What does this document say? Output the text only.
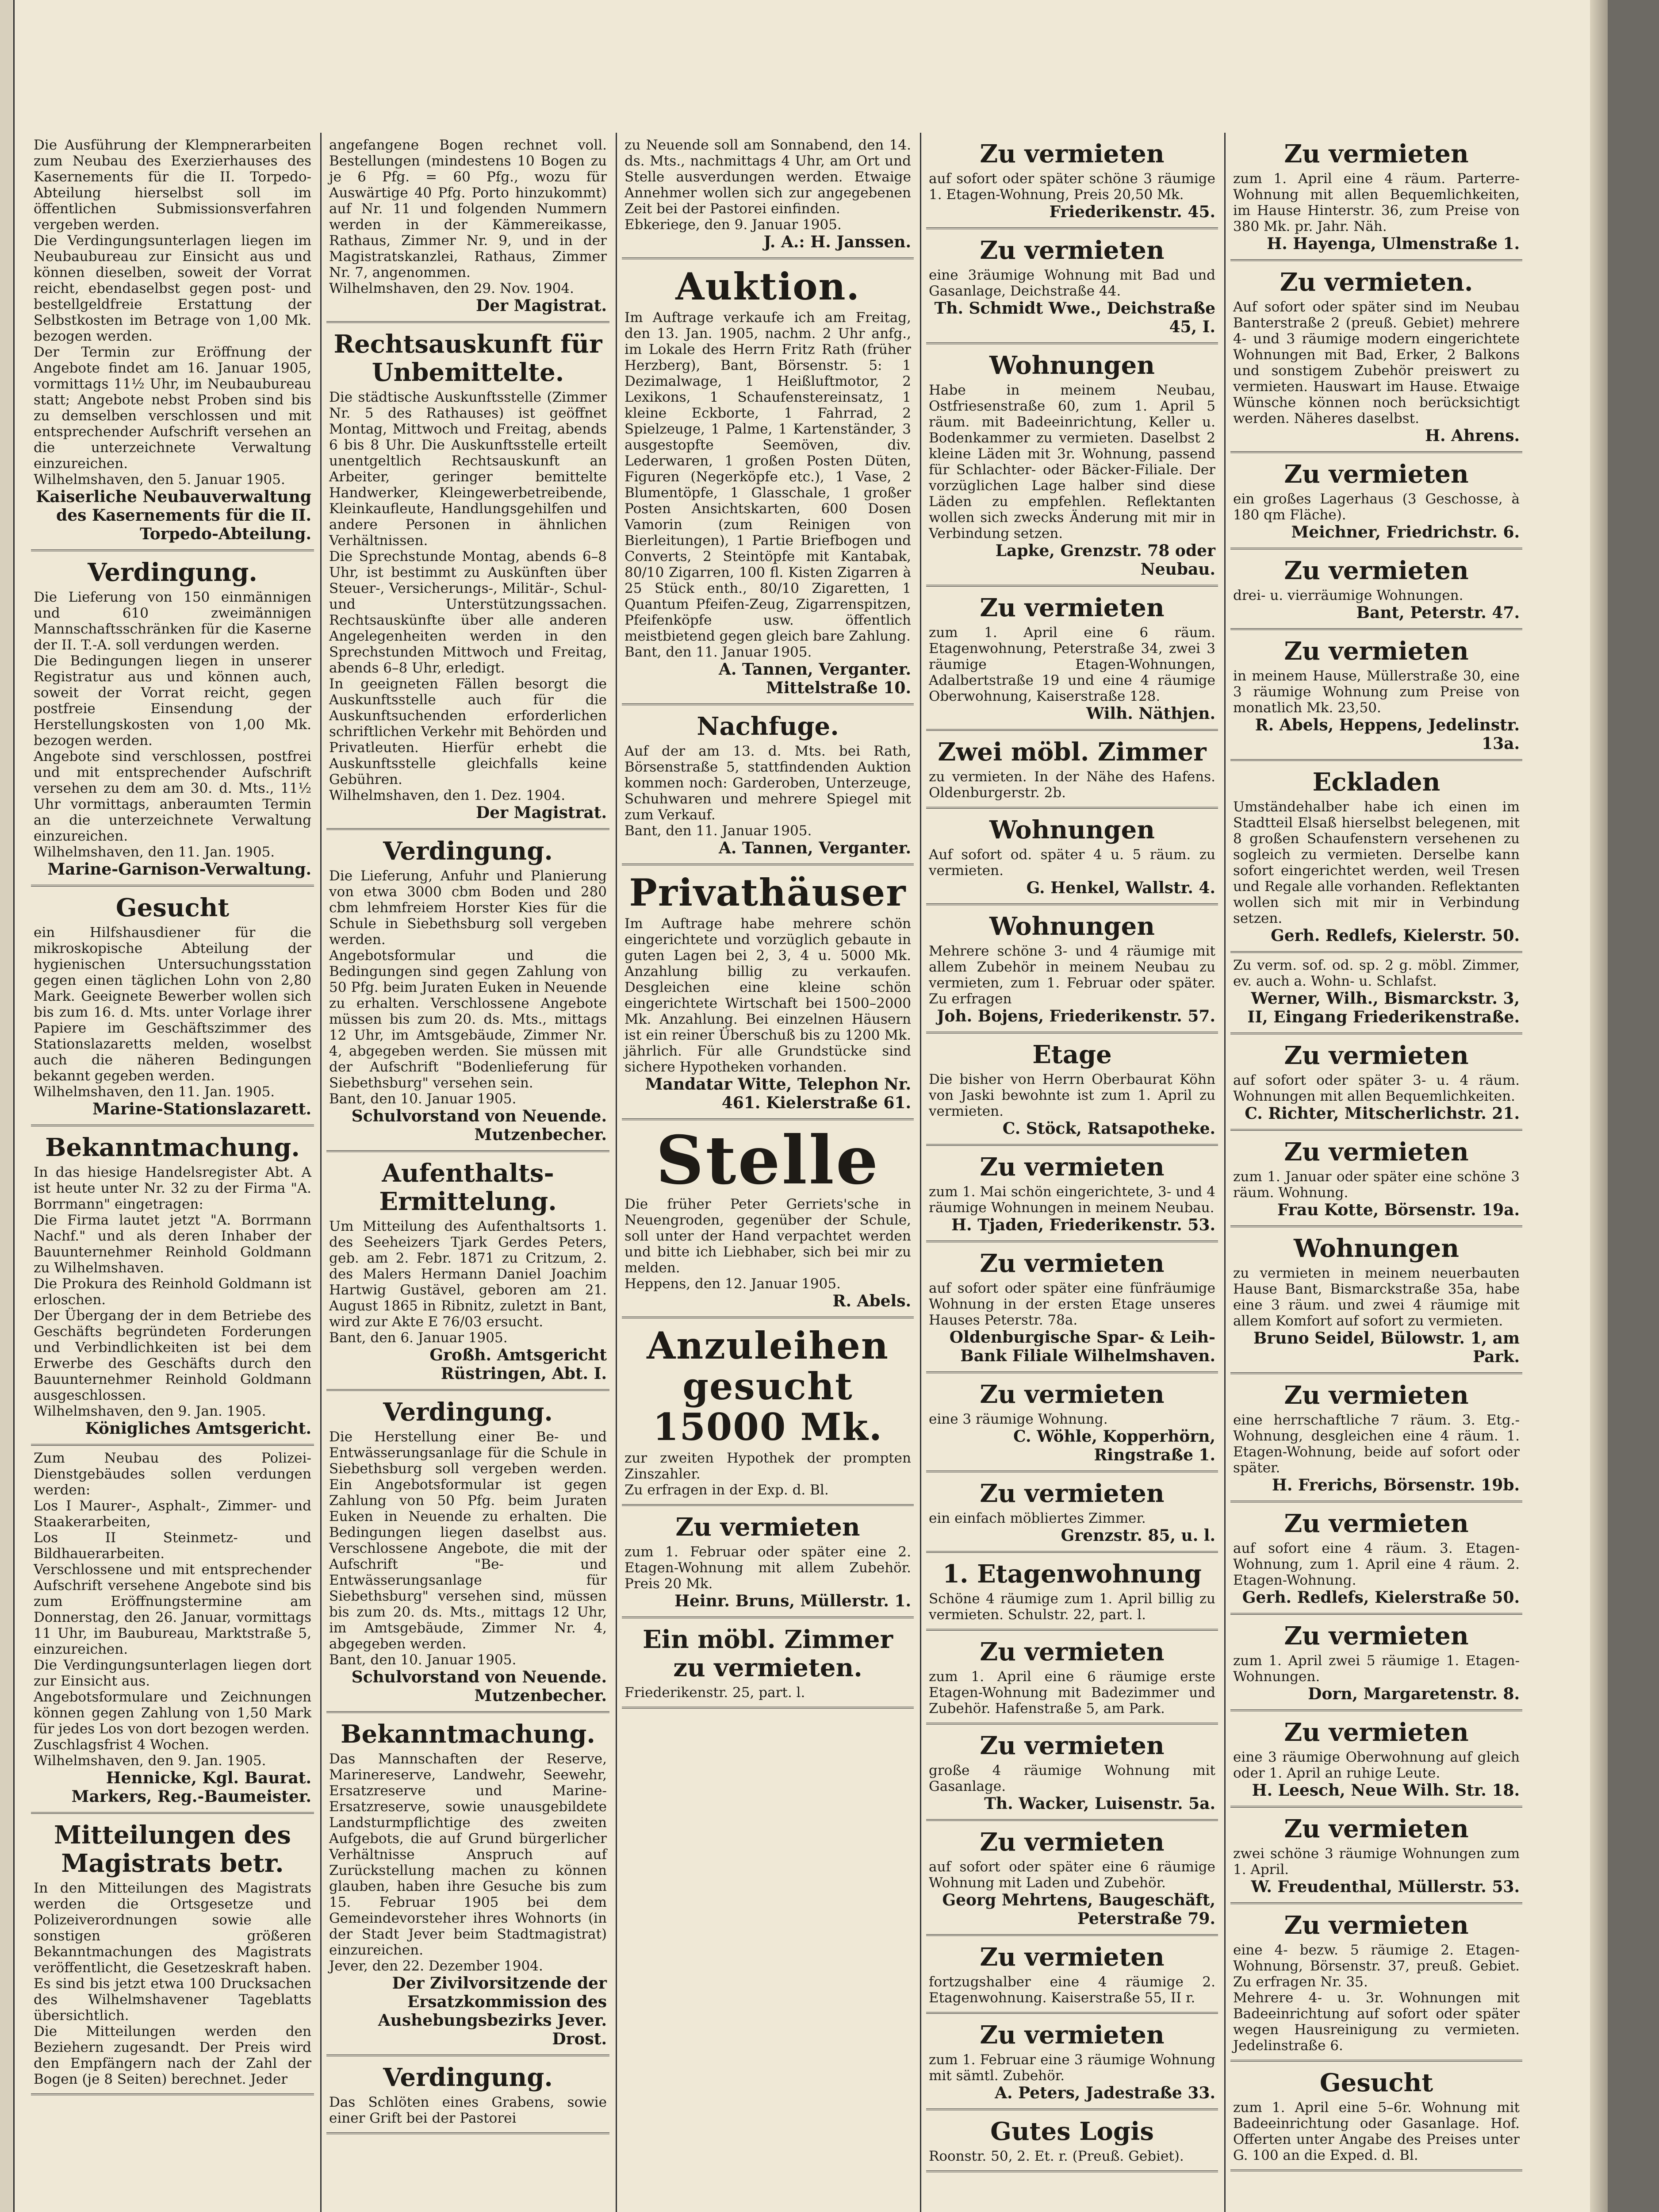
Die Ausführung der Klempnerarbeiten zum Neubau des Exerzierhauses des Kasernements für die II. Torpedo-Abteilung hierselbst soll im öffentlichen Submissionsverfahren vergeben werden.

Die Verdingungsunterlagen liegen im Neubaubureau zur Einsicht aus und können dieselben, soweit der Vorrat reicht, ebendaselbst gegen post- und bestellgeldfreie Erstattung der Selbstkosten im Betrage von 1,00 Mk. bezogen werden.

Der Termin zur Eröffnung der Angebote findet am 16. Januar 1905, vormittags 11½ Uhr, im Neubaubureau statt; Angebote nebst Proben sind bis zu demselben verschlossen und mit entsprechender Aufschrift versehen an die unterzeichnete Verwaltung einzureichen.

Wilhelmshaven, den 5. Januar 1905.

Kaiserliche Neubauverwaltung des Kasernements für die II. Torpedo-Abteilung.
Verdingung.

Die Lieferung von 150 einmännigen und 610 zweimännigen Mannschaftsschränken für die Kaserne der II. T.-A. soll verdungen werden.

Die Bedingungen liegen in unserer Registratur aus und können auch, soweit der Vorrat reicht, gegen postfreie Einsendung der Herstellungskosten von 1,00 Mk. bezogen werden.

Angebote sind verschlossen, postfrei und mit entsprechender Aufschrift versehen zu dem am 30. d. Mts., 11½ Uhr vormittags, anberaumten Termin an die unterzeichnete Verwaltung einzureichen.

Wilhelmshaven, den 11. Jan. 1905.

Marine-Garnison-Verwaltung.
Gesucht

ein Hilfshausdiener für die mikroskopische Abteilung der hygienischen Untersuchungsstation gegen einen täglichen Lohn von 2,80 Mark. Geeignete Bewerber wollen sich bis zum 16. d. Mts. unter Vorlage ihrer Papiere im Geschäftszimmer des Stationslazaretts melden, woselbst auch die näheren Bedingungen bekannt gegeben werden.

Wilhelmshaven, den 11. Jan. 1905.

Marine-Stationslazarett.
Bekanntmachung.

In das hiesige Handelsregister Abt. A ist heute unter Nr. 32 zu der Firma "A. Borrmann" eingetragen:

Die Firma lautet jetzt "A. Borrmann Nachf." und als deren Inhaber der Bauunternehmer Reinhold Goldmann zu Wilhelmshaven.

Die Prokura des Reinhold Goldmann ist erloschen.

Der Übergang der in dem Betriebe des Geschäfts begründeten Forderungen und Verbindlichkeiten ist bei dem Erwerbe des Geschäfts durch den Bauunternehmer Reinhold Goldmann ausgeschlossen.

Wilhelmshaven, den 9. Jan. 1905.

Königliches Amtsgericht.

Zum Neubau des Polizei-Dienstgebäudes sollen verdungen werden:

Los I Maurer-, Asphalt-, Zimmer- und Staakerarbeiten,

Los II Steinmetz- und Bildhauerarbeiten.

Verschlossene und mit entsprechender Aufschrift versehene Angebote sind bis zum Eröffnungstermine am Donnerstag, den 26. Januar, vormittags 11 Uhr, im Baubureau, Marktstraße 5, einzureichen.

Die Verdingungsunterlagen liegen dort zur Einsicht aus.

Angebotsformulare und Zeichnungen können gegen Zahlung von 1,50 Mark für jedes Los von dort bezogen werden.

Zuschlagsfrist 4 Wochen.

Wilhelmshaven, den 9. Jan. 1905.

Hennicke, Kgl. Baurat. Markers, Reg.-Baumeister.
Mitteilungen des Magistrats betr.

In den Mitteilungen des Magistrats werden die Ortsgesetze und Polizeiverordnungen sowie alle sonstigen größeren Bekanntmachungen des Magistrats veröffentlicht, die Gesetzeskraft haben. Es sind bis jetzt etwa 100 Drucksachen des Wilhelmshavener Tageblatts übersichtlich.

Die Mitteilungen werden den Beziehern zugesandt. Der Preis wird den Empfängern nach der Zahl der Bogen (je 8 Seiten) berechnet. Jeder

angefangene Bogen rechnet voll. Bestellungen (mindestens 10 Bogen zu je 6 Pfg. = 60 Pfg., wozu für Auswärtige 40 Pfg. Porto hinzukommt) auf Nr. 11 und folgenden Nummern werden in der Kämmereikasse, Rathaus, Zimmer Nr. 9, und in der Magistratskanzlei, Rathaus, Zimmer Nr. 7, angenommen.

Wilhelmshaven, den 29. Nov. 1904.

Der Magistrat.
Rechtsauskunft für Unbemittelte.

Die städtische Auskunftsstelle (Zimmer Nr. 5 des Rathauses) ist geöffnet Montag, Mittwoch und Freitag, abends 6 bis 8 Uhr. Die Auskunftsstelle erteilt unentgeltlich Rechtsauskunft an Arbeiter, geringer bemittelte Handwerker, Kleingewerbetreibende, Kleinkaufleute, Handlungsgehilfen und andere Personen in ähnlichen Verhältnissen.

Die Sprechstunde Montag, abends 6–8 Uhr, ist bestimmt zu Auskünften über Steuer-, Versicherungs-, Militär-, Schul- und Unterstützungssachen. Rechtsauskünfte über alle anderen Angelegenheiten werden in den Sprechstunden Mittwoch und Freitag, abends 6–8 Uhr, erledigt.

In geeigneten Fällen besorgt die Auskunftsstelle auch für die Auskunftsuchenden erforderlichen schriftlichen Verkehr mit Behörden und Privatleuten. Hierfür erhebt die Auskunftsstelle gleichfalls keine Gebühren.

Wilhelmshaven, den 1. Dez. 1904.

Der Magistrat.
Verdingung.

Die Lieferung, Anfuhr und Planierung von etwa 3000 cbm Boden und 280 cbm lehmfreiem Horster Kies für die Schule in Siebethsburg soll vergeben werden.

Angebotsformular und die Bedingungen sind gegen Zahlung von 50 Pfg. beim Juraten Euken in Neuende zu erhalten. Verschlossene Angebote müssen bis zum 20. ds. Mts., mittags 12 Uhr, im Amtsgebäude, Zimmer Nr. 4, abgegeben werden. Sie müssen mit der Aufschrift "Bodenlieferung für Siebethsburg" versehen sein.

Bant, den 10. Januar 1905.

Schulvorstand von Neuende. Mutzenbecher.
Aufenthalts-Ermittelung.

Um Mitteilung des Aufenthaltsorts 1. des Seeheizers Tjark Gerdes Peters, geb. am 2. Febr. 1871 zu Critzum, 2. des Malers Hermann Daniel Joachim Hartwig Gustävel, geboren am 21. August 1865 in Ribnitz, zuletzt in Bant, wird zur Akte E 76/03 ersucht.

Bant, den 6. Januar 1905.

Großh. Amtsgericht Rüstringen, Abt. I.
Verdingung.

Die Herstellung einer Be- und Entwässerungsanlage für die Schule in Siebethsburg soll vergeben werden. Ein Angebotsformular ist gegen Zahlung von 50 Pfg. beim Juraten Euken in Neuende zu erhalten. Die Bedingungen liegen daselbst aus. Verschlossene Angebote, die mit der Aufschrift "Be- und Entwässerungsanlage für Siebethsburg" versehen sind, müssen bis zum 20. ds. Mts., mittags 12 Uhr, im Amtsgebäude, Zimmer Nr. 4, abgegeben werden.

Bant, den 10. Januar 1905.

Schulvorstand von Neuende. Mutzenbecher.
Bekanntmachung.

Das Mannschaften der Reserve, Marinereserve, Landwehr, Seewehr, Ersatzreserve und Marine-Ersatzreserve, sowie unausgebildete Landsturmpflichtige des zweiten Aufgebots, die auf Grund bürgerlicher Verhältnisse Anspruch auf Zurückstellung machen zu können glauben, haben ihre Gesuche bis zum 15. Februar 1905 bei dem Gemeindevorsteher ihres Wohnorts (in der Stadt Jever beim Stadtmagistrat) einzureichen.

Jever, den 22. Dezember 1904.

Der Zivilvorsitzende der Ersatzkommission des Aushebungsbezirks Jever. Drost.
Verdingung.

Das Schlöten eines Grabens, sowie einer Grift bei der Pastorei

zu Neuende soll am Sonnabend, den 14. ds. Mts., nachmittags 4 Uhr, am Ort und Stelle ausverdungen werden. Etwaige Annehmer wollen sich zur angegebenen Zeit bei der Pastorei einfinden.

Ebkeriege, den 9. Januar 1905.

J. A.: H. Janssen.
Auktion.

Im Auftrage verkaufe ich am Freitag, den 13. Jan. 1905, nachm. 2 Uhr anfg., im Lokale des Herrn Fritz Rath (früher Herzberg), Bant, Börsenstr. 5: 1 Dezimalwage, 1 Heißluftmotor, 2 Lexikons, 1 Schaufenstereinsatz, 1 kleine Eckborte, 1 Fahrrad, 2 Spielzeuge, 1 Palme, 1 Kartenständer, 3 ausgestopfte Seemöven, div. Lederwaren, 1 großen Posten Düten, Figuren (Negerköpfe etc.), 1 Vase, 2 Blumentöpfe, 1 Glasschale, 1 großer Posten Ansichtskarten, 600 Dosen Vamorin (zum Reinigen von Bierleitungen), 1 Partie Briefbogen und Converts, 2 Steintöpfe mit Kantabak, 80/10 Zigarren, 100 fl. Kisten Zigarren à 25 Stück enth., 80/10 Zigaretten, 1 Quantum Pfeifen-Zeug, Zigarrenspitzen, Pfeifenköpfe usw. öffentlich meistbietend gegen gleich bare Zahlung.

Bant, den 11. Januar 1905.

A. Tannen, Verganter. Mittelstraße 10.
Nachfuge.

Auf der am 13. d. Mts. bei Rath, Börsenstraße 5, stattfindenden Auktion kommen noch: Garderoben, Unterzeuge, Schuhwaren und mehrere Spiegel mit zum Verkauf.

Bant, den 11. Januar 1905.

A. Tannen, Verganter.
Privathäuser

Im Auftrage habe mehrere schön eingerichtete und vorzüglich gebaute in guten Lagen bei 2, 3, 4 u. 5000 Mk. Anzahlung billig zu verkaufen. Desgleichen eine kleine schön eingerichtete Wirtschaft bei 1500–2000 Mk. Anzahlung. Bei einzelnen Häusern ist ein reiner Überschuß bis zu 1200 Mk. jährlich. Für alle Grundstücke sind sichere Hypotheken vorhanden.

Mandatar Witte, Telephon Nr. 461. Kielerstraße 61.
Stelle

Die früher Peter Gerriets'sche in Neuengroden, gegenüber der Schule, soll unter der Hand verpachtet werden und bitte ich Liebhaber, sich bei mir zu melden.

Heppens, den 12. Januar 1905.

R. Abels.
Anzuleihen gesucht 15000 Mk.

zur zweiten Hypothek der prompten Zinszahler.

Zu erfragen in der Exp. d. Bl.

Zu vermieten

zum 1. Februar oder später eine 2. Etagen-Wohnung mit allem Zubehör. Preis 20 Mk.

Heinr. Bruns, Müllerstr. 1.
Ein möbl. Zimmer zu vermieten.

Friederikenstr. 25, part. l.

Zu vermieten

auf sofort oder später schöne 3 räumige 1. Etagen-Wohnung, Preis 20,50 Mk.

Friederikenstr. 45.
Zu vermieten

eine 3räumige Wohnung mit Bad und Gasanlage, Deichstraße 44.

Th. Schmidt Wwe., Deichstraße 45, I.
Wohnungen

Habe in meinem Neubau, Ostfriesenstraße 60, zum 1. April 5 räum. mit Badeeinrichtung, Keller u. Bodenkammer zu vermieten. Daselbst 2 kleine Läden mit 3r. Wohnung, passend für Schlachter- oder Bäcker-Filiale. Der vorzüglichen Lage halber sind diese Läden zu empfehlen. Reflektanten wollen sich zwecks Änderung mit mir in Verbindung setzen.

Lapke, Grenzstr. 78 oder Neubau.
Zu vermieten

zum 1. April eine 6 räum. Etagenwohnung, Peterstraße 34, zwei 3 räumige Etagen-Wohnungen, Adalbertstraße 19 und eine 4 räumige Oberwohnung, Kaiserstraße 128.

Wilh. Näthjen.
Zwei möbl. Zimmer

zu vermieten. In der Nähe des Hafens. Oldenburgerstr. 2b.

Wohnungen

Auf sofort od. später 4 u. 5 räum. zu vermieten.

G. Henkel, Wallstr. 4.
Wohnungen

Mehrere schöne 3- und 4 räumige mit allem Zubehör in meinem Neubau zu vermieten, zum 1. Februar oder später. Zu erfragen

Joh. Bojens, Friederikenstr. 57.
Etage

Die bisher von Herrn Oberbaurat Köhn von Jaski bewohnte ist zum 1. April zu vermieten.

C. Stöck, Ratsapotheke.
Zu vermieten

zum 1. Mai schön eingerichtete, 3- und 4 räumige Wohnungen in meinem Neubau.

H. Tjaden, Friederikenstr. 53.
Zu vermieten

auf sofort oder später eine fünfräumige Wohnung in der ersten Etage unseres Hauses Peterstr. 78a.

Oldenburgische Spar- & Leih-Bank Filiale Wilhelmshaven.
Zu vermieten

eine 3 räumige Wohnung.

C. Wöhle, Kopperhörn, Ringstraße 1.
Zu vermieten

ein einfach möbliertes Zimmer.

Grenzstr. 85, u. l.
1. Etagenwohnung

Schöne 4 räumige zum 1. April billig zu vermieten. Schulstr. 22, part. l.

Zu vermieten

zum 1. April eine 6 räumige erste Etagen-Wohnung mit Badezimmer und Zubehör. Hafenstraße 5, am Park.

Zu vermieten

große 4 räumige Wohnung mit Gasanlage.

Th. Wacker, Luisenstr. 5a.
Zu vermieten

auf sofort oder später eine 6 räumige Wohnung mit Laden und Zubehör.

Georg Mehrtens, Baugeschäft, Peterstraße 79.
Zu vermieten

fortzugshalber eine 4 räumige 2. Etagenwohnung. Kaiserstraße 55, II r.

Zu vermieten

zum 1. Februar eine 3 räumige Wohnung mit sämtl. Zubehör.

A. Peters, Jadestraße 33.
Gutes Logis

Roonstr. 50, 2. Et. r. (Preuß. Gebiet).

Zu vermieten

zum 1. April eine 4 räum. Parterre-Wohnung mit allen Bequemlichkeiten, im Hause Hinterstr. 36, zum Preise von 380 Mk. pr. Jahr. Näh.

H. Hayenga, Ulmenstraße 1.
Zu vermieten.

Auf sofort oder später sind im Neubau Banterstraße 2 (preuß. Gebiet) mehrere 4- und 3 räumige modern eingerichtete Wohnungen mit Bad, Erker, 2 Balkons und sonstigem Zubehör preiswert zu vermieten. Hauswart im Hause. Etwaige Wünsche können noch berücksichtigt werden. Näheres daselbst.

H. Ahrens.
Zu vermieten

ein großes Lagerhaus (3 Geschosse, à 180 qm Fläche).

Meichner, Friedrichstr. 6.
Zu vermieten

drei- u. vierräumige Wohnungen.

Bant, Peterstr. 47.
Zu vermieten

in meinem Hause, Müllerstraße 30, eine 3 räumige Wohnung zum Preise von monatlich Mk. 23,50.

R. Abels, Heppens, Jedelinstr. 13a.
Eckladen

Umständehalber habe ich einen im Stadtteil Elsaß hierselbst belegenen, mit 8 großen Schaufenstern versehenen zu sogleich zu vermieten. Derselbe kann sofort eingerichtet werden, weil Tresen und Regale alle vorhanden. Reflektanten wollen sich mit mir in Verbindung setzen.

Gerh. Redlefs, Kielerstr. 50.

Zu verm. sof. od. sp. 2 g. möbl. Zimmer, ev. auch a. Wohn- u. Schlafst.

Werner, Wilh., Bismarckstr. 3, II, Eingang Friederikenstraße.
Zu vermieten

auf sofort oder später 3- u. 4 räum. Wohnungen mit allen Bequemlichkeiten.

C. Richter, Mitscherlichstr. 21.
Zu vermieten

zum 1. Januar oder später eine schöne 3 räum. Wohnung.

Frau Kotte, Börsenstr. 19a.
Wohnungen

zu vermieten in meinem neuerbauten Hause Bant, Bismarckstraße 35a, habe eine 3 räum. und zwei 4 räumige mit allem Komfort auf sofort zu vermieten.

Bruno Seidel, Bülowstr. 1, am Park.
Zu vermieten

eine herrschaftliche 7 räum. 3. Etg.-Wohnung, desgleichen eine 4 räum. 1. Etagen-Wohnung, beide auf sofort oder später.

H. Frerichs, Börsenstr. 19b.
Zu vermieten

auf sofort eine 4 räum. 3. Etagen-Wohnung, zum 1. April eine 4 räum. 2. Etagen-Wohnung.

Gerh. Redlefs, Kielerstraße 50.
Zu vermieten

zum 1. April zwei 5 räumige 1. Etagen-Wohnungen.

Dorn, Margaretenstr. 8.
Zu vermieten

eine 3 räumige Oberwohnung auf gleich oder 1. April an ruhige Leute.

H. Leesch, Neue Wilh. Str. 18.
Zu vermieten

zwei schöne 3 räumige Wohnungen zum 1. April.

W. Freudenthal, Müllerstr. 53.
Zu vermieten

eine 4- bezw. 5 räumige 2. Etagen-Wohnung, Börsenstr. 37, preuß. Gebiet. Zu erfragen Nr. 35.

Mehrere 4- u. 3r. Wohnungen mit Badeeinrichtung auf sofort oder später wegen Hausreinigung zu vermieten. Jedelinstraße 6.

Gesucht

zum 1. April eine 5–6r. Wohnung mit Badeeinrichtung oder Gasanlage. Hof. Offerten unter Angabe des Preises unter G. 100 an die Exped. d. Bl.
